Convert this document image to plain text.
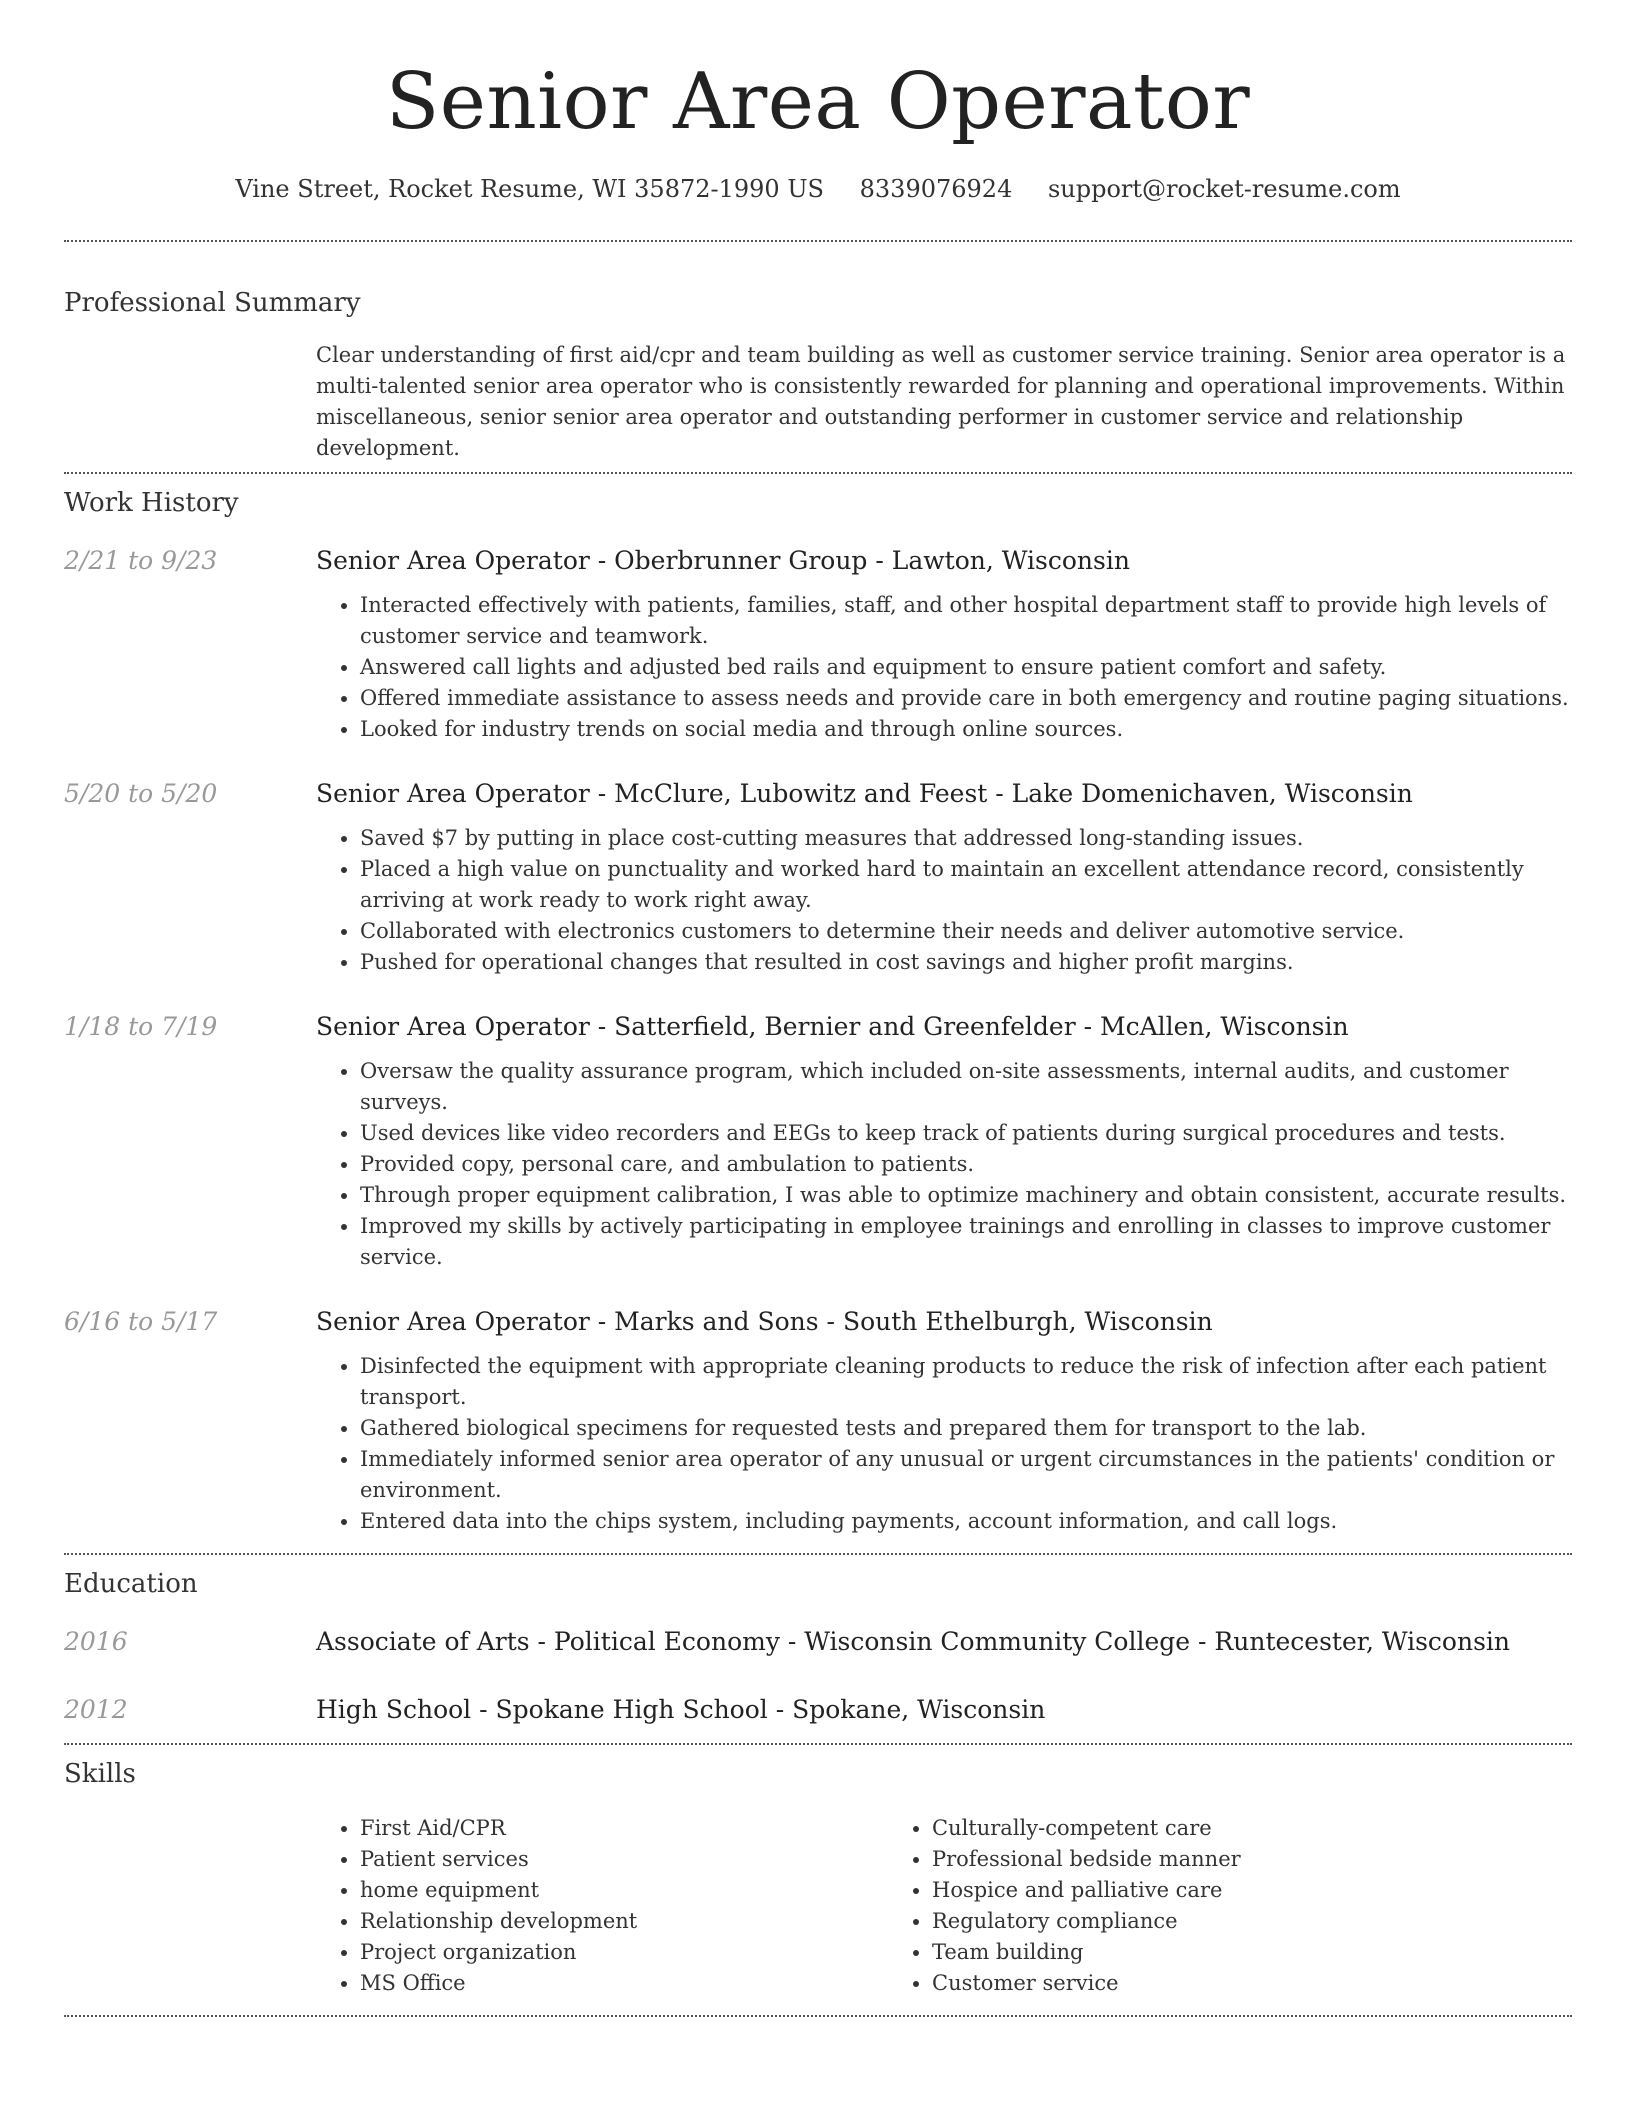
Senior Area Operator
Vine Street, Rocket Resume, WI 35872-1990 US 8339076924 support@rocket-resume.com
Professional Summary
Clear understanding of first aid/cpr and team building as well as customer service training. Senior area operator is a multi-talented senior area operator who is consistently rewarded for planning and operational improvements. Within miscellaneous, senior senior area operator and outstanding performer in customer service and relationship development.
Work History
2/21 to 9/23	Senior Area Operator - Oberbrunner Group - Lawton, Wisconsin
• Interacted effectively with patients, families, staff, and other hospital department staff to provide high levels of customer service and teamwork.
• Answered call lights and adjusted bed rails and equipment to ensure patient comfort and safety.
• Offered immediate assistance to assess needs and provide care in both emergency and routine paging situations.
• Looked for industry trends on social media and through online sources.
5/20 to 5/20	Senior Area Operator - McClure, Lubowitz and Feest - Lake Domenichaven, Wisconsin
• Saved $7 by putting in place cost-cutting measures that addressed long-standing issues.
• Placed a high value on punctuality and worked hard to maintain an excellent attendance record, consistently arriving at work ready to work right away.
• Collaborated with electronics customers to determine their needs and deliver automotive service.
• Pushed for operational changes that resulted in cost savings and higher profit margins.
1/18 to 7/19	Senior Area Operator - Satterfield, Bernier and Greenfelder - McAllen, Wisconsin
• Oversaw the quality assurance program, which included on-site assessments, internal audits, and customer surveys.
• Used devices like video recorders and EEGs to keep track of patients during surgical procedures and tests.
• Provided copy, personal care, and ambulation to patients.
• Through proper equipment calibration, I was able to optimize machinery and obtain consistent, accurate results.
• Improved my skills by actively participating in employee trainings and enrolling in classes to improve customer service.
6/16 to 5/17	Senior Area Operator - Marks and Sons - South Ethelburgh, Wisconsin
• Disinfected the equipment with appropriate cleaning products to reduce the risk of infection after each patient transport.
• Gathered biological specimens for requested tests and prepared them for transport to the lab.
• Immediately informed senior area operator of any unusual or urgent circumstances in the patients' condition or environment.
• Entered data into the chips system, including payments, account information, and call logs.
Education
2016	Associate of Arts - Political Economy - Wisconsin Community College - Runtecester, Wisconsin
2012	High School - Spokane High School - Spokane, Wisconsin
Skills
• First Aid/CPR
• Patient services
• home equipment
• Relationship development
• Project organization
• MS Office
• Culturally-competent care
• Professional bedside manner
• Hospice and palliative care
• Regulatory compliance
• Team building
• Customer service
